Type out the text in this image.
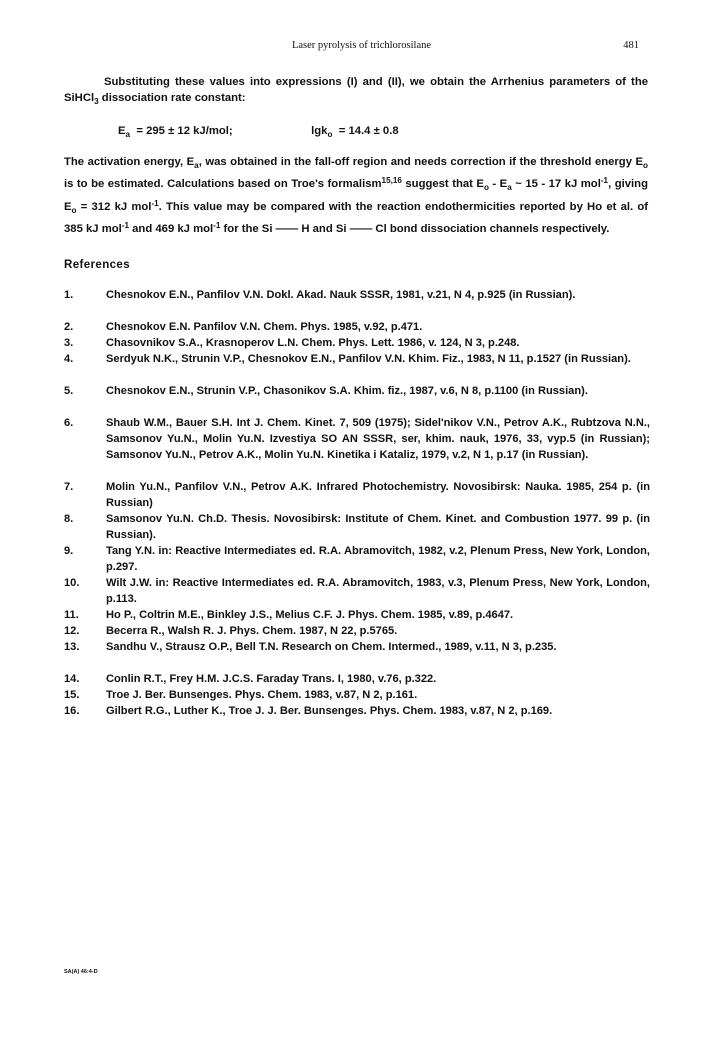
Laser pyrolysis of trichlorosilane	481
Substituting these values into expressions (I) and (II), we obtain the Arrhenius parameters of the SiHCl$_3$ dissociation rate constant:
$E_a = 295 \pm 12$ kJ/mol;	lgk$_o$ = 14.4 ± 0.8
The activation energy, $E_a$, was obtained in the fall-off region and needs correction if the threshold energy $E_o$ is to be estimated. Calculations based on Troe's formalism$^{15,16}$ suggest that $E_o - E_a$ ~ 15 - 17 kJ mol$^{-1}$, giving $E_o = 312$ kJ mol$^{-1}$. This value may be compared with the reaction endothermicities reported by Ho et al. of 385 kJ mol$^{-1}$ and 469 kJ mol$^{-1}$ for the Si —— H and Si —— Cl bond dissociation channels respectively.
References
1.	Chesnokov E.N., Panfilov V.N. Dokl. Akad. Nauk SSSR, 1981, v.21, N 4, p.925 (in Russian).
2.	Chesnokov E.N. Panfilov V.N. Chem. Phys. 1985, v.92, p.471.
3.	Chasovnikov S.A., Krasnoperov L.N. Chem. Phys. Lett. 1986, v. 124, N 3, p.248.
4.	Serdyuk N.K., Strunin V.P., Chesnokov E.N., Panfilov V.N. Khim. Fiz., 1983, N 11, p.1527 (in Russian).
5.	Chesnokov E.N., Strunin V.P., Chasonikov S.A. Khim. fiz., 1987, v.6, N 8, p.1100 (in Russian).
6.	Shaub W.M., Bauer S.H. Int J. Chem. Kinet. 7, 509 (1975); Sidel'nikov V.N., Petrov A.K., Rubtzova N.N., Samsonov Yu.N., Molin Yu.N. Izvestiya SO AN SSSR, ser, khim. nauk, 1976, 33, vyp.5 (in Russian); Samsonov Yu.N., Petrov A.K., Molin Yu.N. Kinetika i Kataliz, 1979, v.2, N 1, p.17 (in Russian).
7.	Molin Yu.N., Panfilov V.N., Petrov A.K. Infrared Photochemistry. Novosibirsk: Nauka. 1985, 254 p. (in Russian)
8.	Samsonov Yu.N. Ch.D. Thesis. Novosibirsk: Institute of Chem. Kinet. and Combustion 1977. 99 p. (in Russian).
9.	Tang Y.N. in: Reactive Intermediates ed. R.A. Abramovitch, 1982, v.2, Plenum Press, New York, London, p.297.
10.	Wilt J.W. in: Reactive Intermediates ed. R.A. Abramovitch, 1983, v.3, Plenum Press, New York, London, p.113.
11.	Ho P., Coltrin M.E., Binkley J.S., Melius C.F. J. Phys. Chem. 1985, v.89, p.4647.
12.	Becerra R., Walsh R. J. Phys. Chem. 1987, N 22, p.5765.
13.	Sandhu V., Strausz O.P., Bell T.N. Research on Chem. Intermed., 1989, v.11, N 3, p.235.
14.	Conlin R.T., Frey H.M. J.C.S. Faraday Trans. I, 1980, v.76, p.322.
15.	Troe J. Ber. Bunsenges. Phys. Chem. 1983, v.87, N 2, p.161.
16.	Gilbert R.G., Luther K., Troe J. J. Ber. Bunsenges. Phys. Chem. 1983, v.87, N 2, p.169.
SA(A) 46:4-D
